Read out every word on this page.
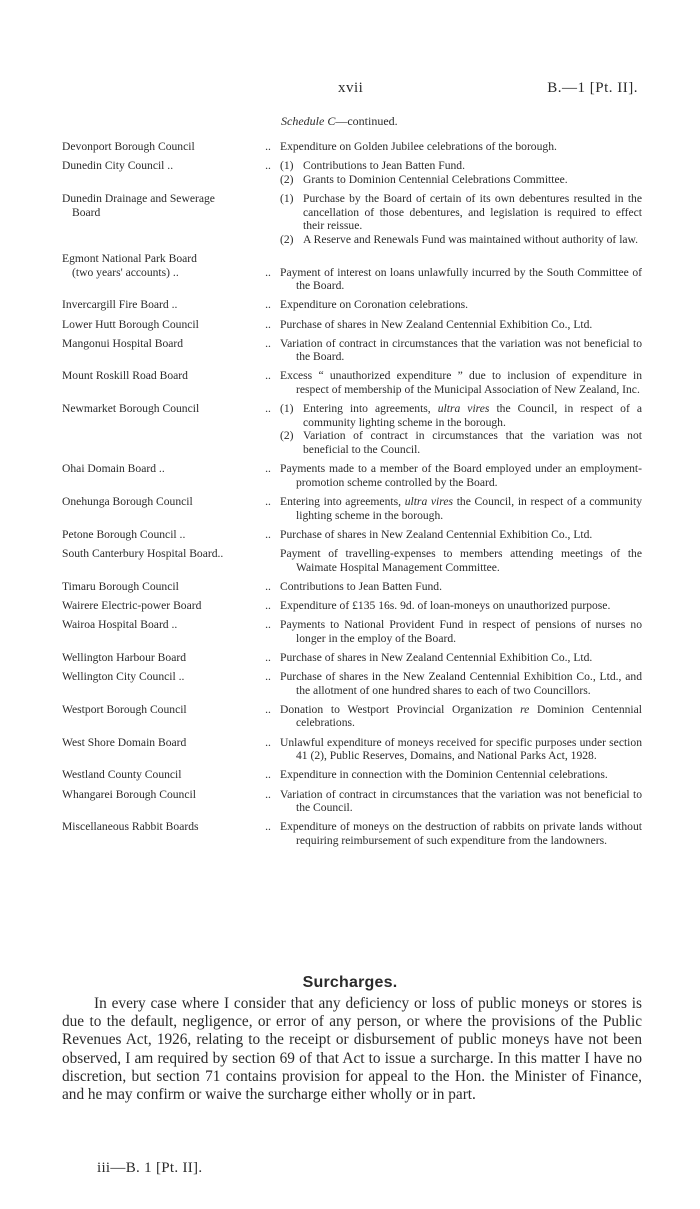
xvii	B.—1 [Pt. II].
Schedule C—continued.
Devonport Borough Council	.. Expenditure on Golden Jubilee celebrations of the borough.
Dunedin City Council ..	.. (1) Contributions to Jean Batten Fund.
(2) Grants to Dominion Centennial Celebrations Committee.
Dunedin Drainage and Sewerage
Board
(1) Purchase by the Board of certain of its own debentures resulted in the cancellation of those debentures, and legislation is required to effect their reissue.
(2) A Reserve and Renewals Fund was maintained without authority of law.
Egmont National Park Board
(two years' accounts) ..	.. Payment of interest on loans unlawfully incurred by the South Committee of the Board.
Invercargill Fire Board ..	.. Expenditure on Coronation celebrations.
Lower Hutt Borough Council	.. Purchase of shares in New Zealand Centennial Exhibition Co., Ltd.
Mangonui Hospital Board	.. Variation of contract in circumstances that the variation was not beneficial to the Board.
Mount Roskill Road Board	.. Excess “ unauthorized expenditure ” due to inclusion of expenditure in respect of membership of the Municipal Association of New Zealand, Inc.
Newmarket Borough Council	.. (1) Entering into agreements, ultra vires the Council, in respect of a community lighting scheme in the borough.
(2) Variation of contract in circumstances that the variation was not beneficial to the Council.
Ohai Domain Board ..	.. Payments made to a member of the Board employed under an employment-promotion scheme controlled by the Board.
Onehunga Borough Council	.. Entering into agreements, ultra vires the Council, in respect of a community lighting scheme in the borough.
Petone Borough Council ..	.. Purchase of shares in New Zealand Centennial Exhibition Co., Ltd.
South Canterbury Hospital Board..	Payment of travelling-expenses to members attending meetings of the Waimate Hospital Management Committee.
Timaru Borough Council	.. Contributions to Jean Batten Fund.
Wairere Electric-power Board	.. Expenditure of £135 16s. 9d. of loan-moneys on unauthorized purpose.
Wairoa Hospital Board ..	.. Payments to National Provident Fund in respect of pensions of nurses no longer in the employ of the Board.
Wellington Harbour Board	.. Purchase of shares in New Zealand Centennial Exhibition Co., Ltd.
Wellington City Council ..	.. Purchase of shares in the New Zealand Centennial Exhibition Co., Ltd., and the allotment of one hundred shares to each of two Councillors.
Westport Borough Council	.. Donation to Westport Provincial Organization re Dominion Centennial celebrations.
West Shore Domain Board	.. Unlawful expenditure of moneys received for specific purposes under section 41 (2), Public Reserves, Domains, and National Parks Act, 1928.
Westland County Council	.. Expenditure in connection with the Dominion Centennial celebrations.
Whangarei Borough Council	.. Variation of contract in circumstances that the variation was not beneficial to the Council.
Miscellaneous Rabbit Boards	.. Expenditure of moneys on the destruction of rabbits on private lands without requiring reimbursement of such expenditure from the landowners.
Surcharges.
In every case where I consider that any deficiency or loss of public moneys or stores is due to the default, negligence, or error of any person, or where the provisions of the Public Revenues Act, 1926, relating to the receipt or disbursement of public moneys have not been observed, I am required by section 69 of that Act to issue a surcharge. In this matter I have no discretion, but section 71 contains provision for appeal to the Hon. the Minister of Finance, and he may confirm or waive the surcharge either wholly or in part.
iii—B. 1 [Pt. II].
